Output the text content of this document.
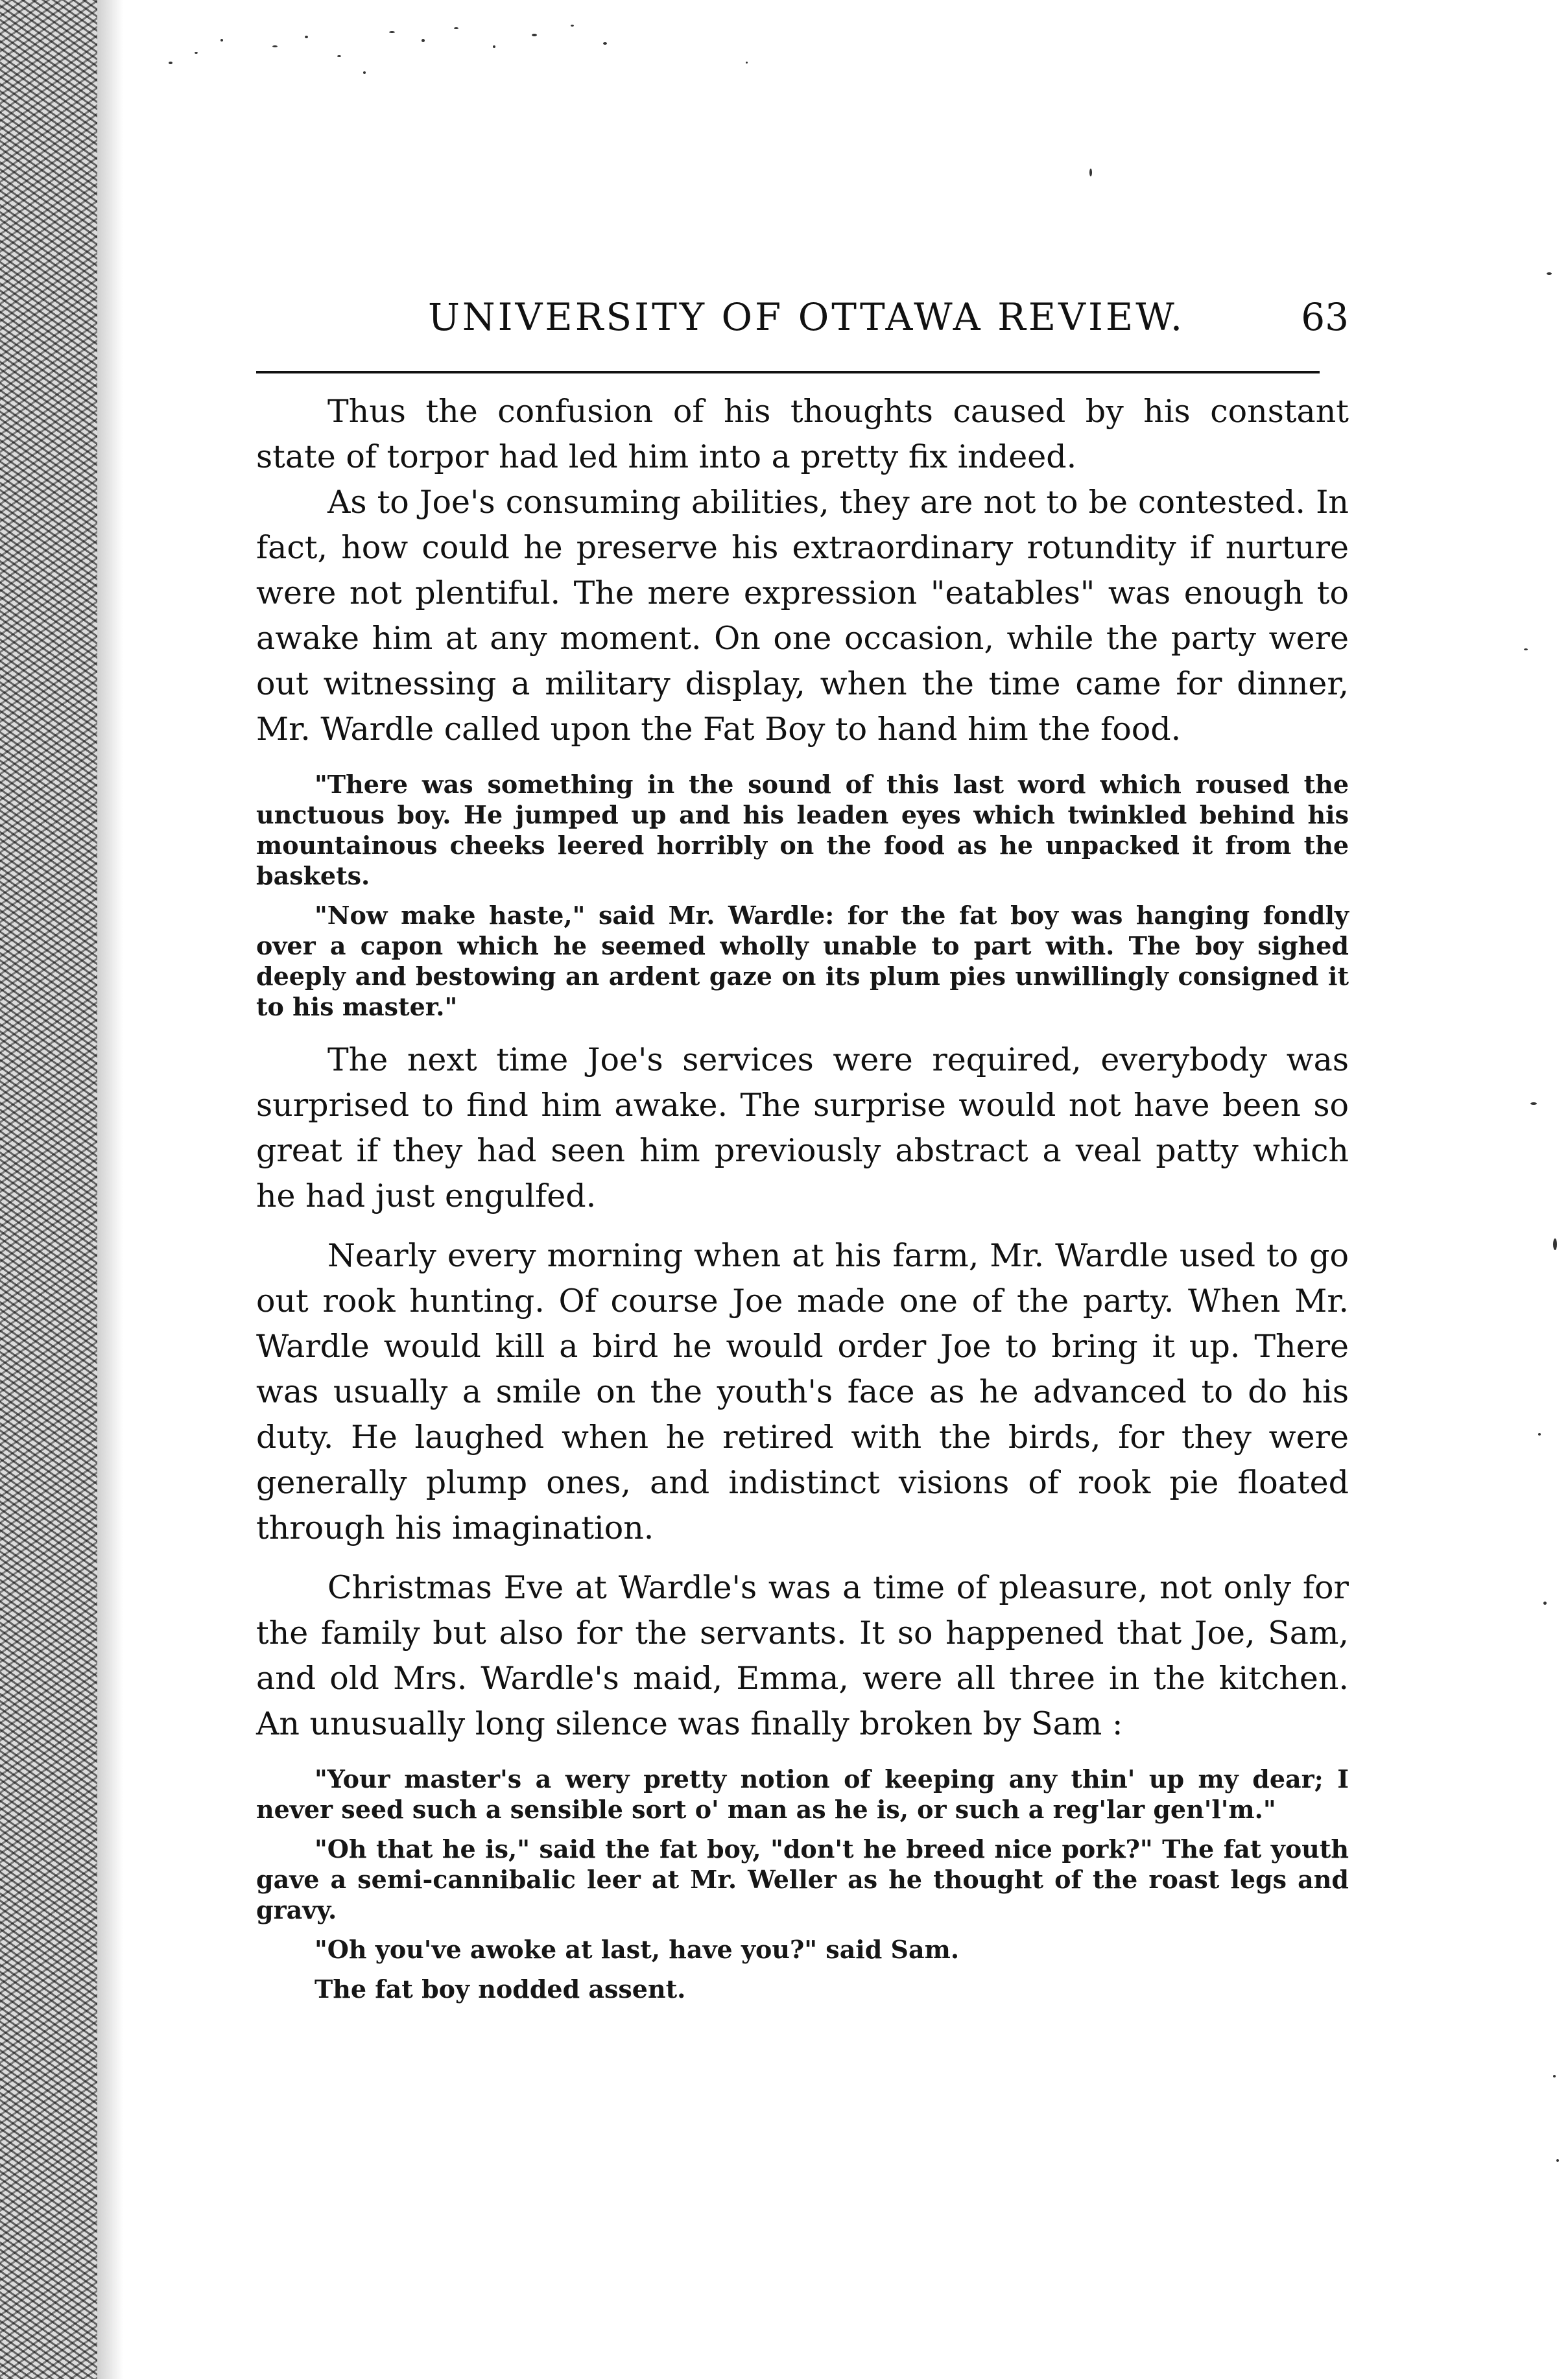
UNIVERSITY OF OTTAWA REVIEW.	63

Thus the confusion of his thoughts caused by his constant state of torpor had led him into a pretty fix indeed.

As to Joe's consuming abilities, they are not to be contested. In fact, how could he preserve his extraordinary rotundity if nurture were not plentiful. The mere expression "eatables" was enough to awake him at any moment. On one occasion, while the party were out witnessing a military display, when the time came for dinner, Mr. Wardle called upon the Fat Boy to hand him the food.

"There was something in the sound of this last word which roused the unctuous boy. He jumped up and his leaden eyes which twinkled behind his mountainous cheeks leered horribly on the food as he unpacked it from the baskets.

"Now make haste," said Mr. Wardle: for the fat boy was hanging fondly over a capon which he seemed wholly unable to part with. The boy sighed deeply and bestowing an ardent gaze on its plum pies unwillingly consigned it to his master."

The next time Joe's services were required, everybody was surprised to find him awake. The surprise would not have been so great if they had seen him previously abstract a veal patty which he had just engulfed.

Nearly every morning when at his farm, Mr. Wardle used to go out rook hunting. Of course Joe made one of the party. When Mr. Wardle would kill a bird he would order Joe to bring it up. There was usually a smile on the youth's face as he advanced to do his duty. He laughed when he retired with the birds, for they were generally plump ones, and indistinct visions of rook pie floated through his imagination.

Christmas Eve at Wardle's was a time of pleasure, not only for the family but also for the servants. It so happened that Joe, Sam, and old Mrs. Wardle's maid, Emma, were all three in the kitchen. An unusually long silence was finally broken by Sam :

"Your master's a wery pretty notion of keeping any thin' up my dear; I never seed such a sensible sort o' man as he is, or such a reg'lar gen'l'm."

"Oh that he is," said the fat boy, "don't he breed nice pork?" The fat youth gave a semi-cannibalic leer at Mr. Weller as he thought of the roast legs and gravy.

"Oh you've awoke at last, have you?" said Sam.

The fat boy nodded assent.
